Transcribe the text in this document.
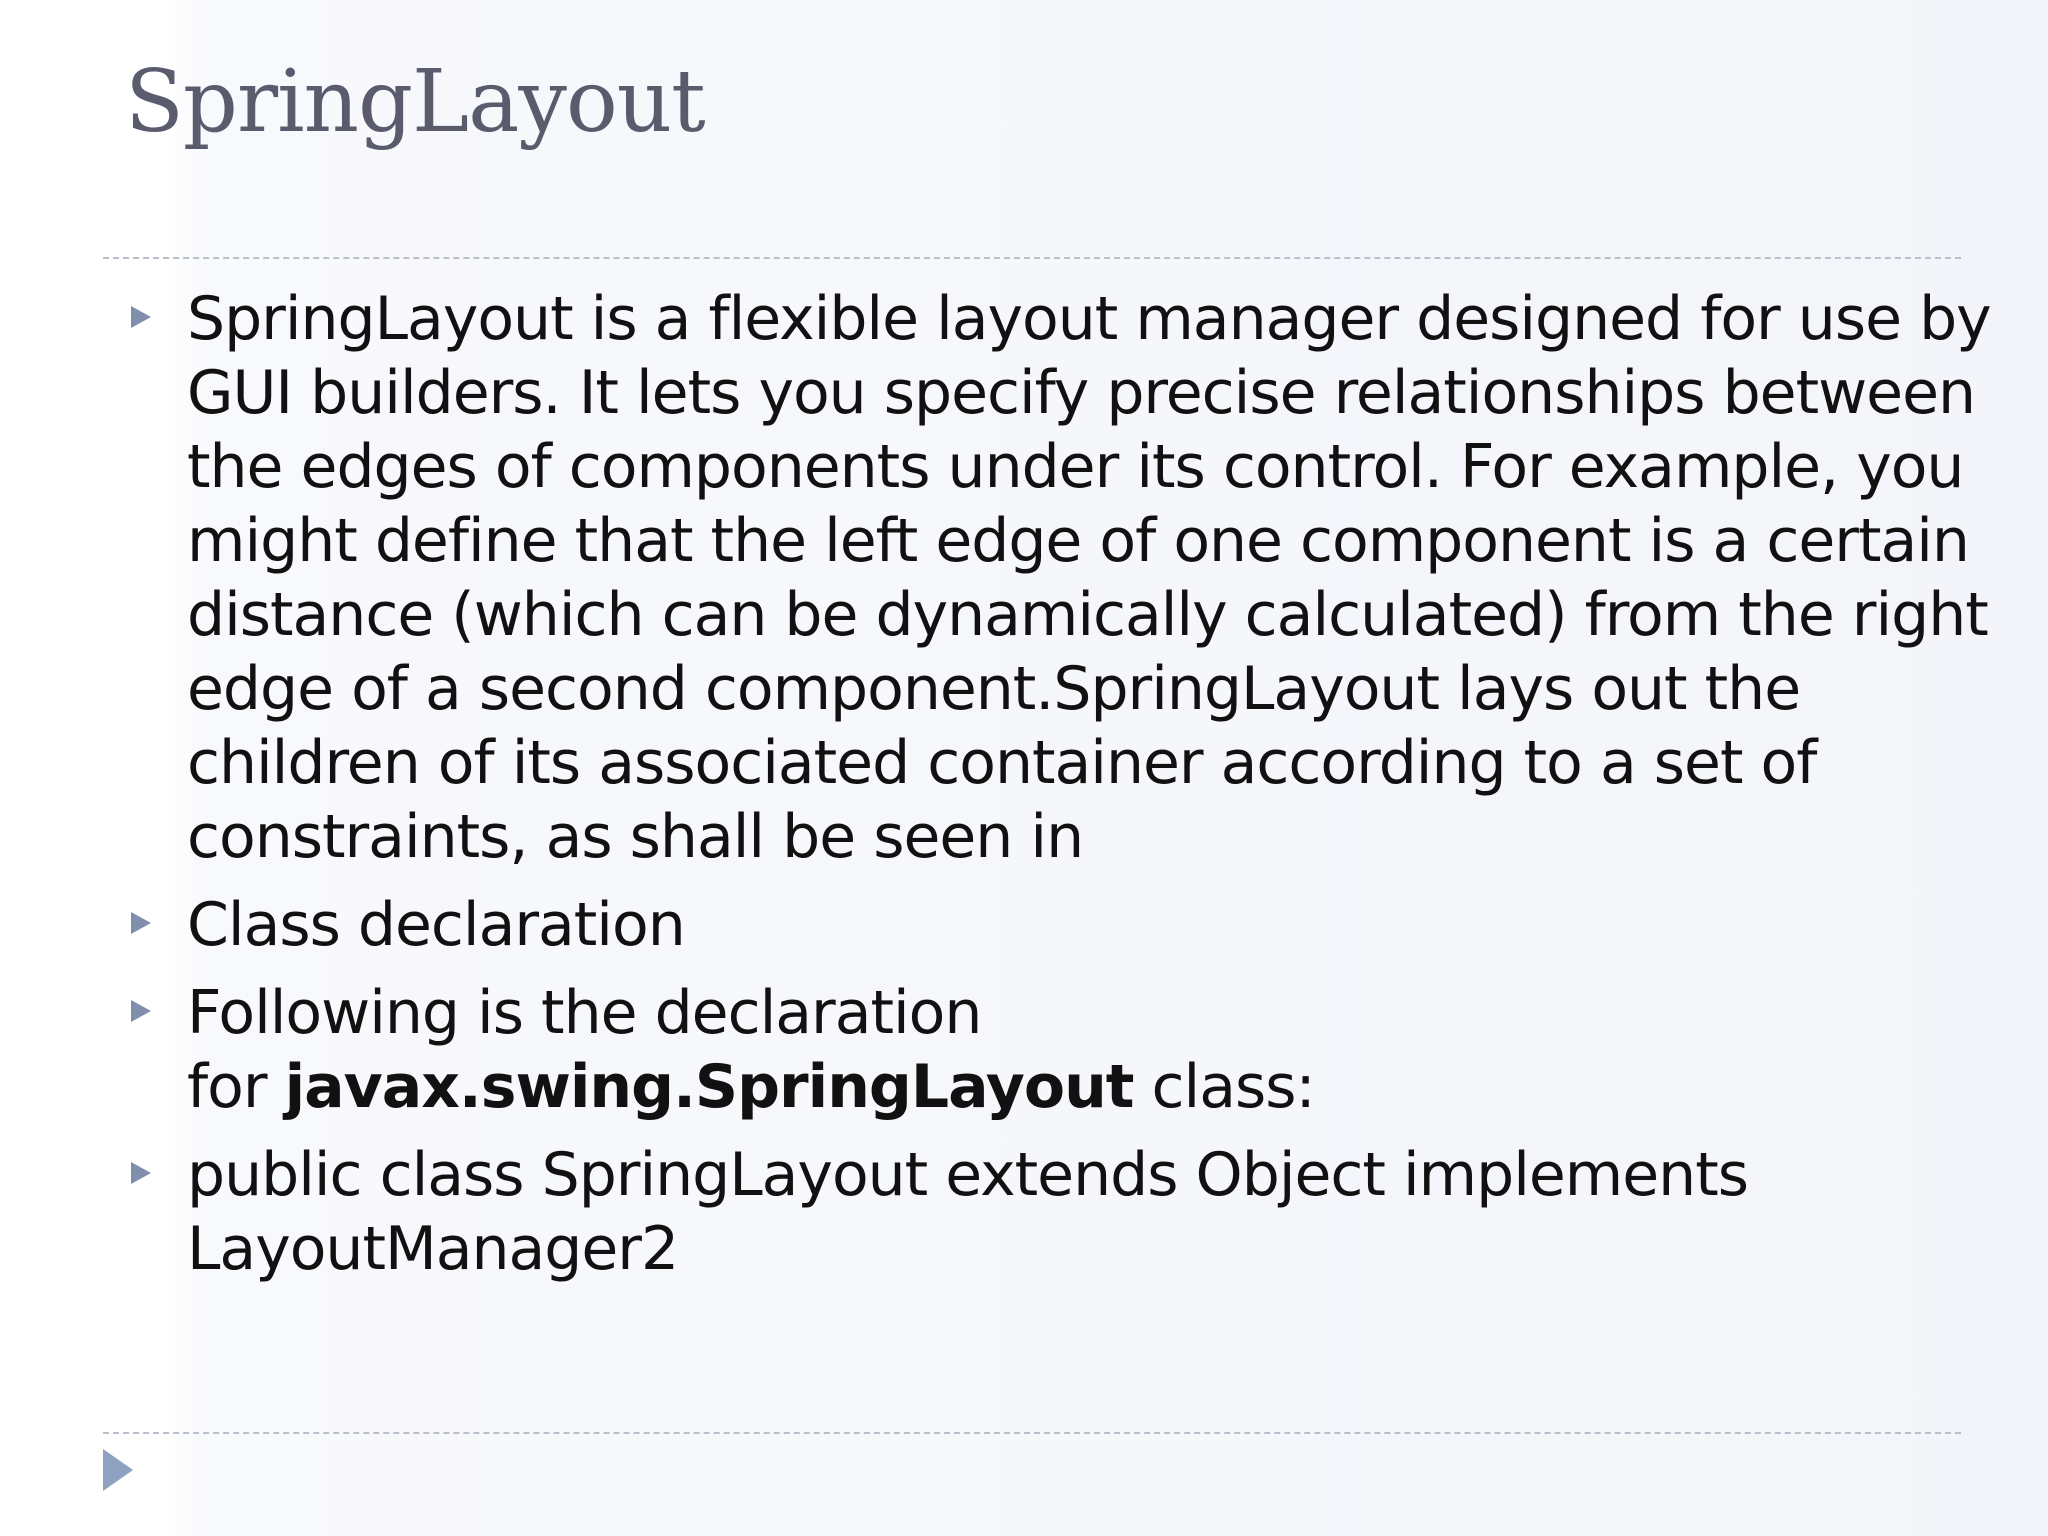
SpringLayout
SpringLayout is a flexible layout manager designed for use by
GUI builders. It lets you specify precise relationships between
the edges of components under its control. For example, you
might define that the left edge of one component is a certain
distance (which can be dynamically calculated) from the right
edge of a second component.SpringLayout lays out the
children of its associated container according to a set of
constraints, as shall be seen in
Class declaration
Following is the declaration
for javax.swing.SpringLayout class:
public class SpringLayout extends Object implements
LayoutManager2
